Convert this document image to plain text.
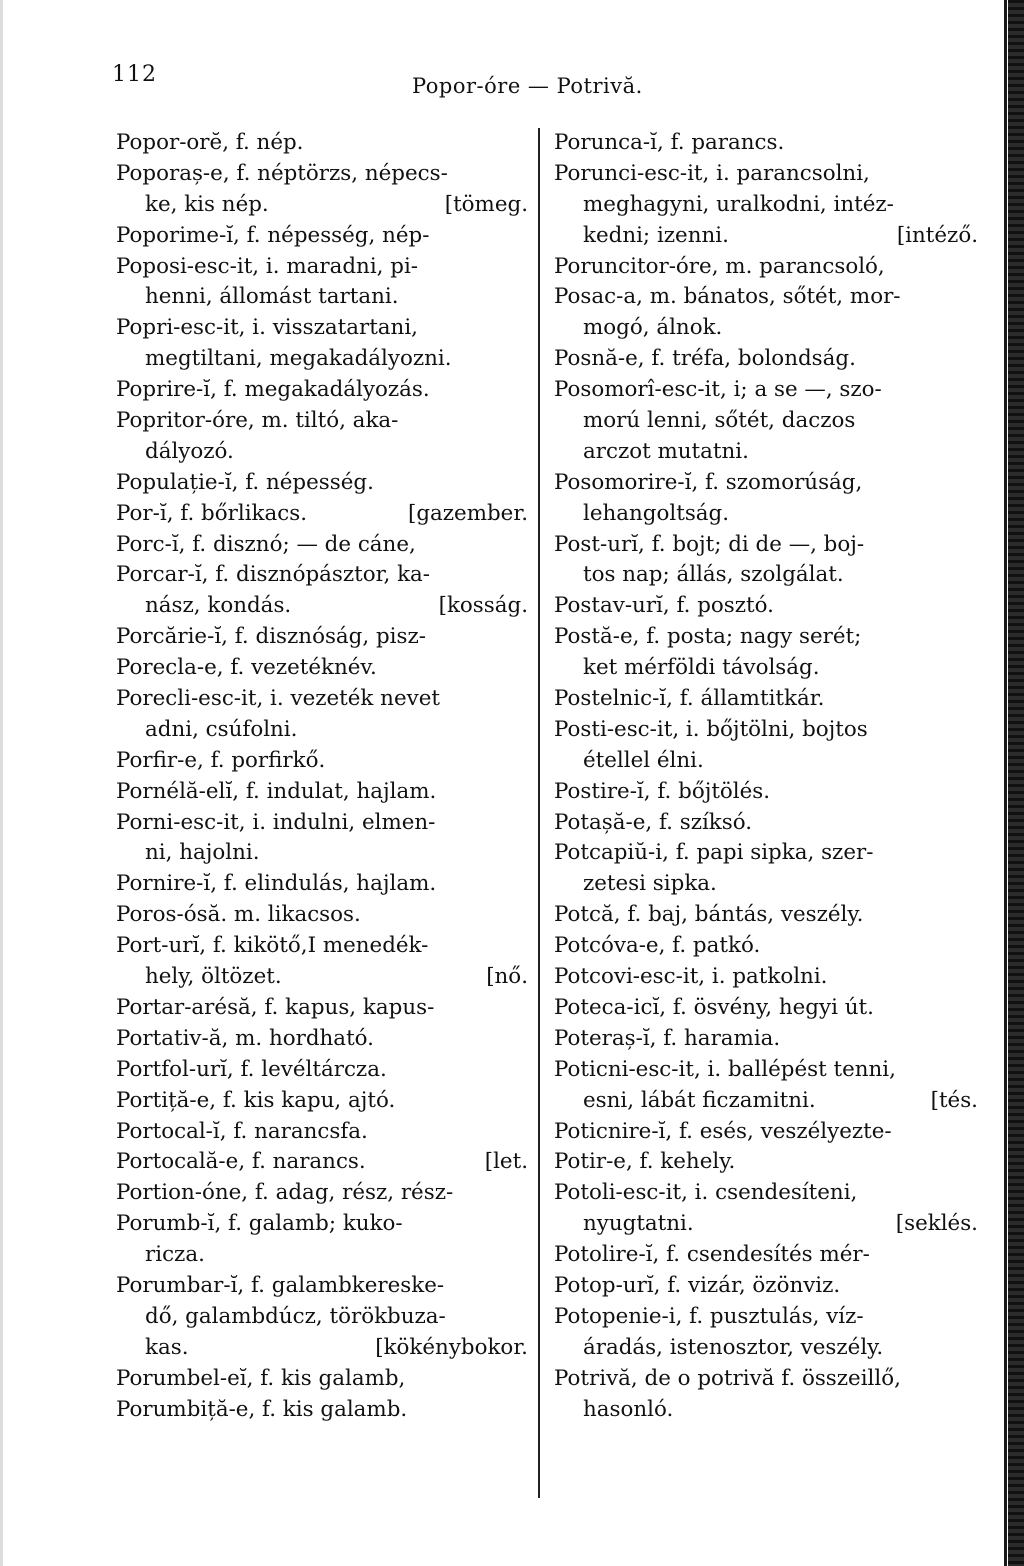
112	Popor-óre — Potrivă.
Popor-orĕ, f. nép.
Poporaș-e, f. néptörzs, népecs-
ke, kis nép.	[tömeg.
Poporime-ĭ, f. népesség, nép-
Poposi-esc-it, i. maradni, pi-
henni, állomást tartani.
Popri-esc-it, i. visszatartani,
megtiltani, megakadályozni.
Poprire-ĭ, f. megakadályozás.
Popritor-óre, m. tiltó, aka-
dályozó.
Populație-ĭ, f. népesség.
Por-ĭ, f. bőrlikacs.	[gazember.
Porc-ĭ, f. disznó; — de cáne,
Porcar-ĭ, f. disznópásztor, ka-
nász, kondás.	[kosság.
Porcărie-ĭ, f. disznóság, pisz-
Porecla-e, f. vezetéknév.
Porecli-esc-it, i. vezeték nevet
adni, csúfolni.
Porfir-e, f. porfirkő.
Pornélă-elĭ, f. indulat, hajlam.
Porni-esc-it, i. indulni, elmen-
ni, hajolni.
Pornire-ĭ, f. elindulás, hajlam.
Poros-ósă. m. likacsos.
Port-urĭ, f. kikötő,I menedék-
hely, öltözet.	[nő.
Portar-arésă, f. kapus, kapus-
Portativ-ă, m. hordható.
Portfol-urĭ, f. levéltárcza.
Portiță-e, f. kis kapu, ajtó.
Portocal-ĭ, f. narancsfa.
Portocală-e, f. narancs.	[let.
Portion-óne, f. adag, rész, rész-
Porumb-ĭ, f. galamb; kuko-
ricza.
Porumbar-ĭ, f. galambkereske-
dő, galambdúcz, törökbuza-
kas.	[kökénybokor.
Porumbel-eĭ, f. kis galamb,
Porumbiță-e, f. kis galamb.
Porunca-ĭ, f. parancs.
Porunci-esc-it, i. parancsolni,
meghagyni, uralkodni, intéz-
kedni; izenni.	[intéző.
Poruncitor-óre, m. parancsoló,
Posac-a, m. bánatos, sőtét, mor-
mogó, álnok.
Posnă-e, f. tréfa, bolondság.
Posomorî-esc-it, i; a se —, szo-
morú lenni, sőtét, daczos
arczot mutatni.
Posomorire-ĭ, f. szomorúság,
lehangoltság.
Post-urĭ, f. bojt; di de —, boj-
tos nap; állás, szolgálat.
Postav-urĭ, f. posztó.
Postă-e, f. posta; nagy serét;
ket mérföldi távolság.
Postelnic-ĭ, f. államtitkár.
Posti-esc-it, i. bőjtölni, bojtos
étellel élni.
Postire-ĭ, f. bőjtölés.
Potașă-e, f. szíksó.
Potcapiŭ-i, f. papi sipka, szer-
zetesi sipka.
Potcă, f. baj, bántás, veszély.
Potcóva-e, f. patkó.
Potcovi-esc-it, i. patkolni.
Poteca-icĭ, f. ösvény, hegyi út.
Poteraș-ĭ, f. haramia.
Poticni-esc-it, i. ballépést tenni,
esni, lábát ficzamitni.	[tés.
Poticnire-ĭ, f. esés, veszélyezte-
Potir-e, f. kehely.
Potoli-esc-it, i. csendesíteni,
nyugtatni.	[seklés.
Potolire-ĭ, f. csendesítés mér-
Potop-urĭ, f. vizár, özönviz.
Potopenie-i, f. pusztulás, víz-
áradás, istenosztor, veszély.
Potrivă, de o potrivă f. összeillő,
hasonló.
